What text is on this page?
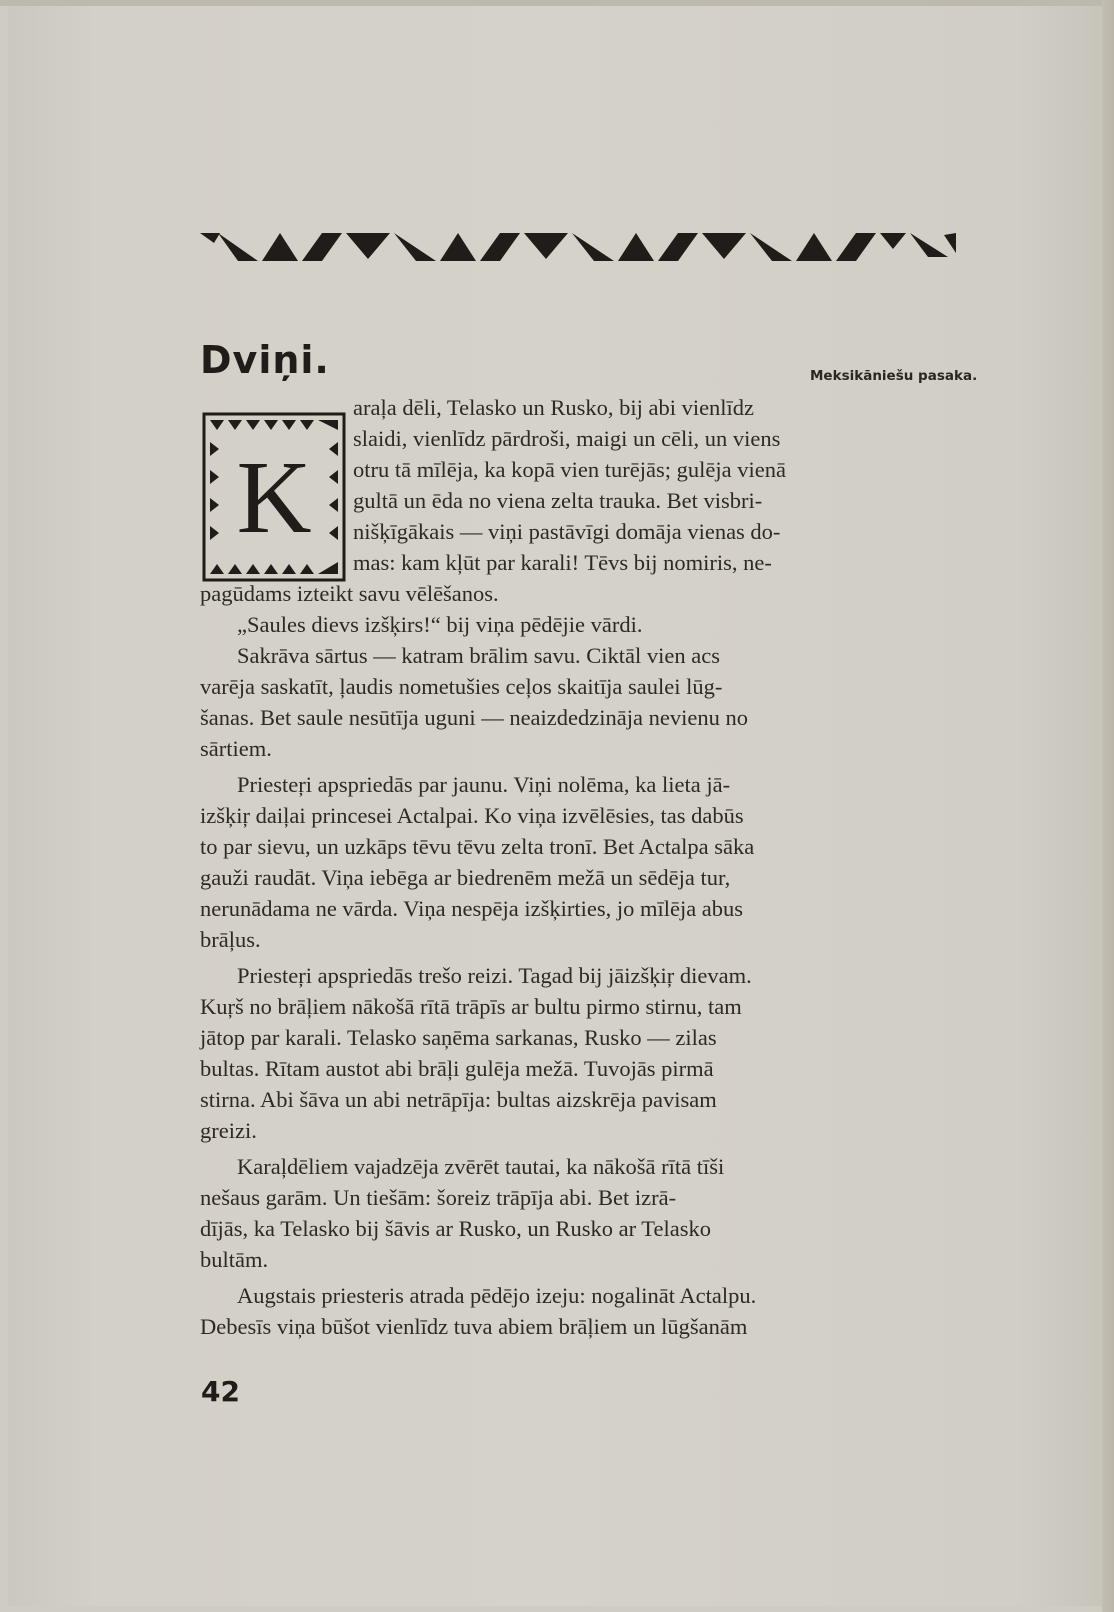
Dviņi.	Meksikāniešu pasaka.
K
araļa dēli, Telasko un Rusko, bij abi vienlīdz
slaidi, vienlīdz pārdroši, maigi un cēli, un viens
otru tā mīlēja, ka kopā vien turējās; gulēja vienā
gultā un ēda no viena zelta trauka. Bet visbri-
nišķīgākais — viņi pastāvīgi domāja vienas do-
mas: kam kļūt par karali! Tēvs bij nomiris, ne-
pagūdams izteikt savu vēlēšanos.
„Saules dievs izšķirs!“ bij viņa pēdējie vārdi.
Sakrāva sārtus — katram brālim savu. Ciktāl vien acs
varēja saskatīt, ļaudis nometušies ceļos skaitīja saulei lūg-
šanas. Bet saule nesūtīja uguni — neaizdedzināja nevienu no
sārtiem.
Priesteŗi apspriedās par jaunu. Viņi nolēma, ka lieta jā-
izšķiŗ daiļai princesei Actalpai. Ko viņa izvēlēsies, tas dabūs
to par sievu, un uzkāps tēvu tēvu zelta tronī. Bet Actalpa sāka
gauži raudāt. Viņa iebēga ar biedrenēm mežā un sēdēja tur,
nerunādama ne vārda. Viņa nespēja izšķirties, jo mīlēja abus
brāļus.
Priesteŗi apspriedās trešo reizi. Tagad bij jāizšķiŗ dievam.
Kuŗš no brāļiem nākošā rītā trāpīs ar bultu pirmo stirnu, tam
jātop par karali. Telasko saņēma sarkanas, Rusko — zilas
bultas. Rītam austot abi brāļi gulēja mežā. Tuvojās pirmā
stirna. Abi šāva un abi netrāpīja: bultas aizskrēja pavisam
greizi.
Karaļdēliem vajadzēja zvērēt tautai, ka nākošā rītā tīši
nešaus garām. Un tiešām: šoreiz trāpīja abi. Bet izrā-
dījās, ka Telasko bij šāvis ar Rusko, un Rusko ar Telasko
bultām.
Augstais priesteris atrada pēdējo izeju: nogalināt Actalpu.
Debesīs viņa būšot vienlīdz tuva abiem brāļiem un lūgšanām
42
